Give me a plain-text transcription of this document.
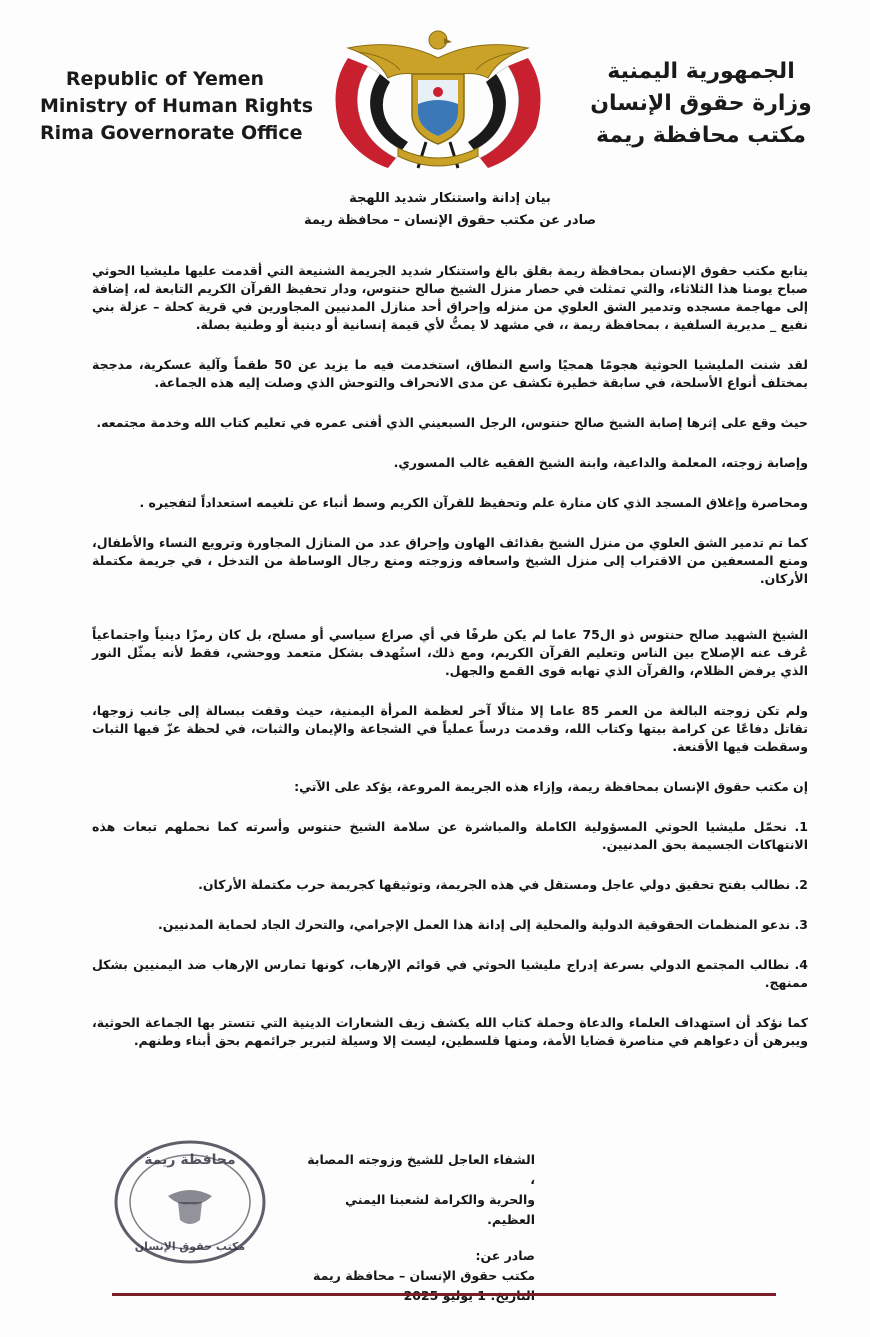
Republic of Yemen
Ministry of Human Rights
Rima Governorate Office
الجمهورية اليمنية
وزارة حقوق الإنسان
مكتب محافظة ريمة
بيان إدانة واستنكار شديد اللهجة
صادر عن مكتب حقوق الإنسان – محافظة ريمة

يتابع مكتب حقوق الإنسان بمحافظة ريمة بقلق بالغ واستنكار شديد الجريمة الشنيعة التي أقدمت عليها مليشيا الحوثي صباح يومنا هذا الثلاثاء، والتي تمثلت في حصار منزل الشيخ صالح حنتوس، ودار تحفيظ القرآن الكريم التابعة له، إضافة إلى مهاجمة مسجده وتدمير الشق العلوي من منزله وإحراق أحد منازل المدنيين المجاورين في قرية كحلة – عزلة بني نفيع _ مديرية السلفية ، بمحافظة ريمة ،، في مشهد لا يمتُّ لأي قيمة إنسانية أو دينية أو وطنية بصلة.

لقد شنت المليشيا الحوثية هجومًا همجيًا واسع النطاق، استخدمت فيه ما يزيد عن 50 طقماً وآلية عسكرية، مدججة بمختلف أنواع الأسلحة، في سابقة خطيرة تكشف عن مدى الانحراف والتوحش الذي وصلت إليه هذه الجماعة.

حيث وقع على إثرها إصابة الشيخ صالح حنتوس، الرجل السبعيني الذي أفنى عمره في تعليم كتاب الله وخدمة مجتمعه.

وإصابة زوجته، المعلمة والداعية، وابنة الشيخ الفقيه غالب المسوري.

ومحاصرة وإغلاق المسجد الذي كان منارة علم وتحفيظ للقرآن الكريم وسط أنباء عن تلغيمه استعداداً لتفجيره .

كما تم تدمير الشق العلوي من منزل الشيخ بقذائف الهاون وإحراق عدد من المنازل المجاورة وترويع النساء والأطفال، ومنع المسعفين من الاقتراب إلى منزل الشيخ واسعافه وزوجته ومنع رجال الوساطة من التدخل ، في جريمة مكتملة الأركان.

الشيخ الشهيد صالح حنتوس ذو ال75 عاما لم يكن طرفًا في أي صراع سياسي أو مسلح، بل كان رمزًا دينياً واجتماعياً عُرف عنه الإصلاح بين الناس وتعليم القرآن الكريم، ومع ذلك، استُهدف بشكل متعمد ووحشي، فقط لأنه يمثّل النور الذي يرفض الظلام، والقرآن الذي تهابه قوى القمع والجهل.

ولم تكن زوجته البالغة من العمر 85 عاما إلا مثالًا آخر لعظمة المرأة اليمنية، حيث وقفت ببسالة إلى جانب زوجها، تقاتل دفاعًا عن كرامة بيتها وكتاب الله، وقدمت درساً عملياً في الشجاعة والإيمان والثبات، في لحظة عزّ فيها الثبات وسقطت فيها الأقنعة.

إن مكتب حقوق الإنسان بمحافظة ريمة، وإزاء هذه الجريمة المروعة، يؤكد على الآتي:

1. نحمّل مليشيا الحوثي المسؤولية الكاملة والمباشرة عن سلامة الشيخ حنتوس وأسرته كما نحملهم تبعات هذه الانتهاكات الجسيمة بحق المدنيين.

2. نطالب بفتح تحقيق دولي عاجل ومستقل في هذه الجريمة، وتوثيقها كجريمة حرب مكتملة الأركان.

3. ندعو المنظمات الحقوقية الدولية والمحلية إلى إدانة هذا العمل الإجرامي، والتحرك الجاد لحماية المدنيين.

4. نطالب المجتمع الدولي بسرعة إدراج مليشيا الحوثي في قوائم الإرهاب، كونها تمارس الإرهاب ضد اليمنيين بشكل ممنهج.

كما نؤكد أن استهداف العلماء والدعاة وحملة كتاب الله يكشف زيف الشعارات الدينية التي تتستر بها الجماعة الحوثية، ويبرهن أن دعواهم في مناصرة قضايا الأمة، ومنها فلسطين، ليست إلا وسيلة لتبرير جرائمهم بحق أبناء وطنهم.

محافظة ريمة
مكتب حقوق الإنسان
الشفاء العاجل للشيخ وزوجته المصابة ،
والحرية والكرامة لشعبنا اليمني العظيم.
صادر عن:
مكتب حقوق الإنسان – محافظة ريمة
